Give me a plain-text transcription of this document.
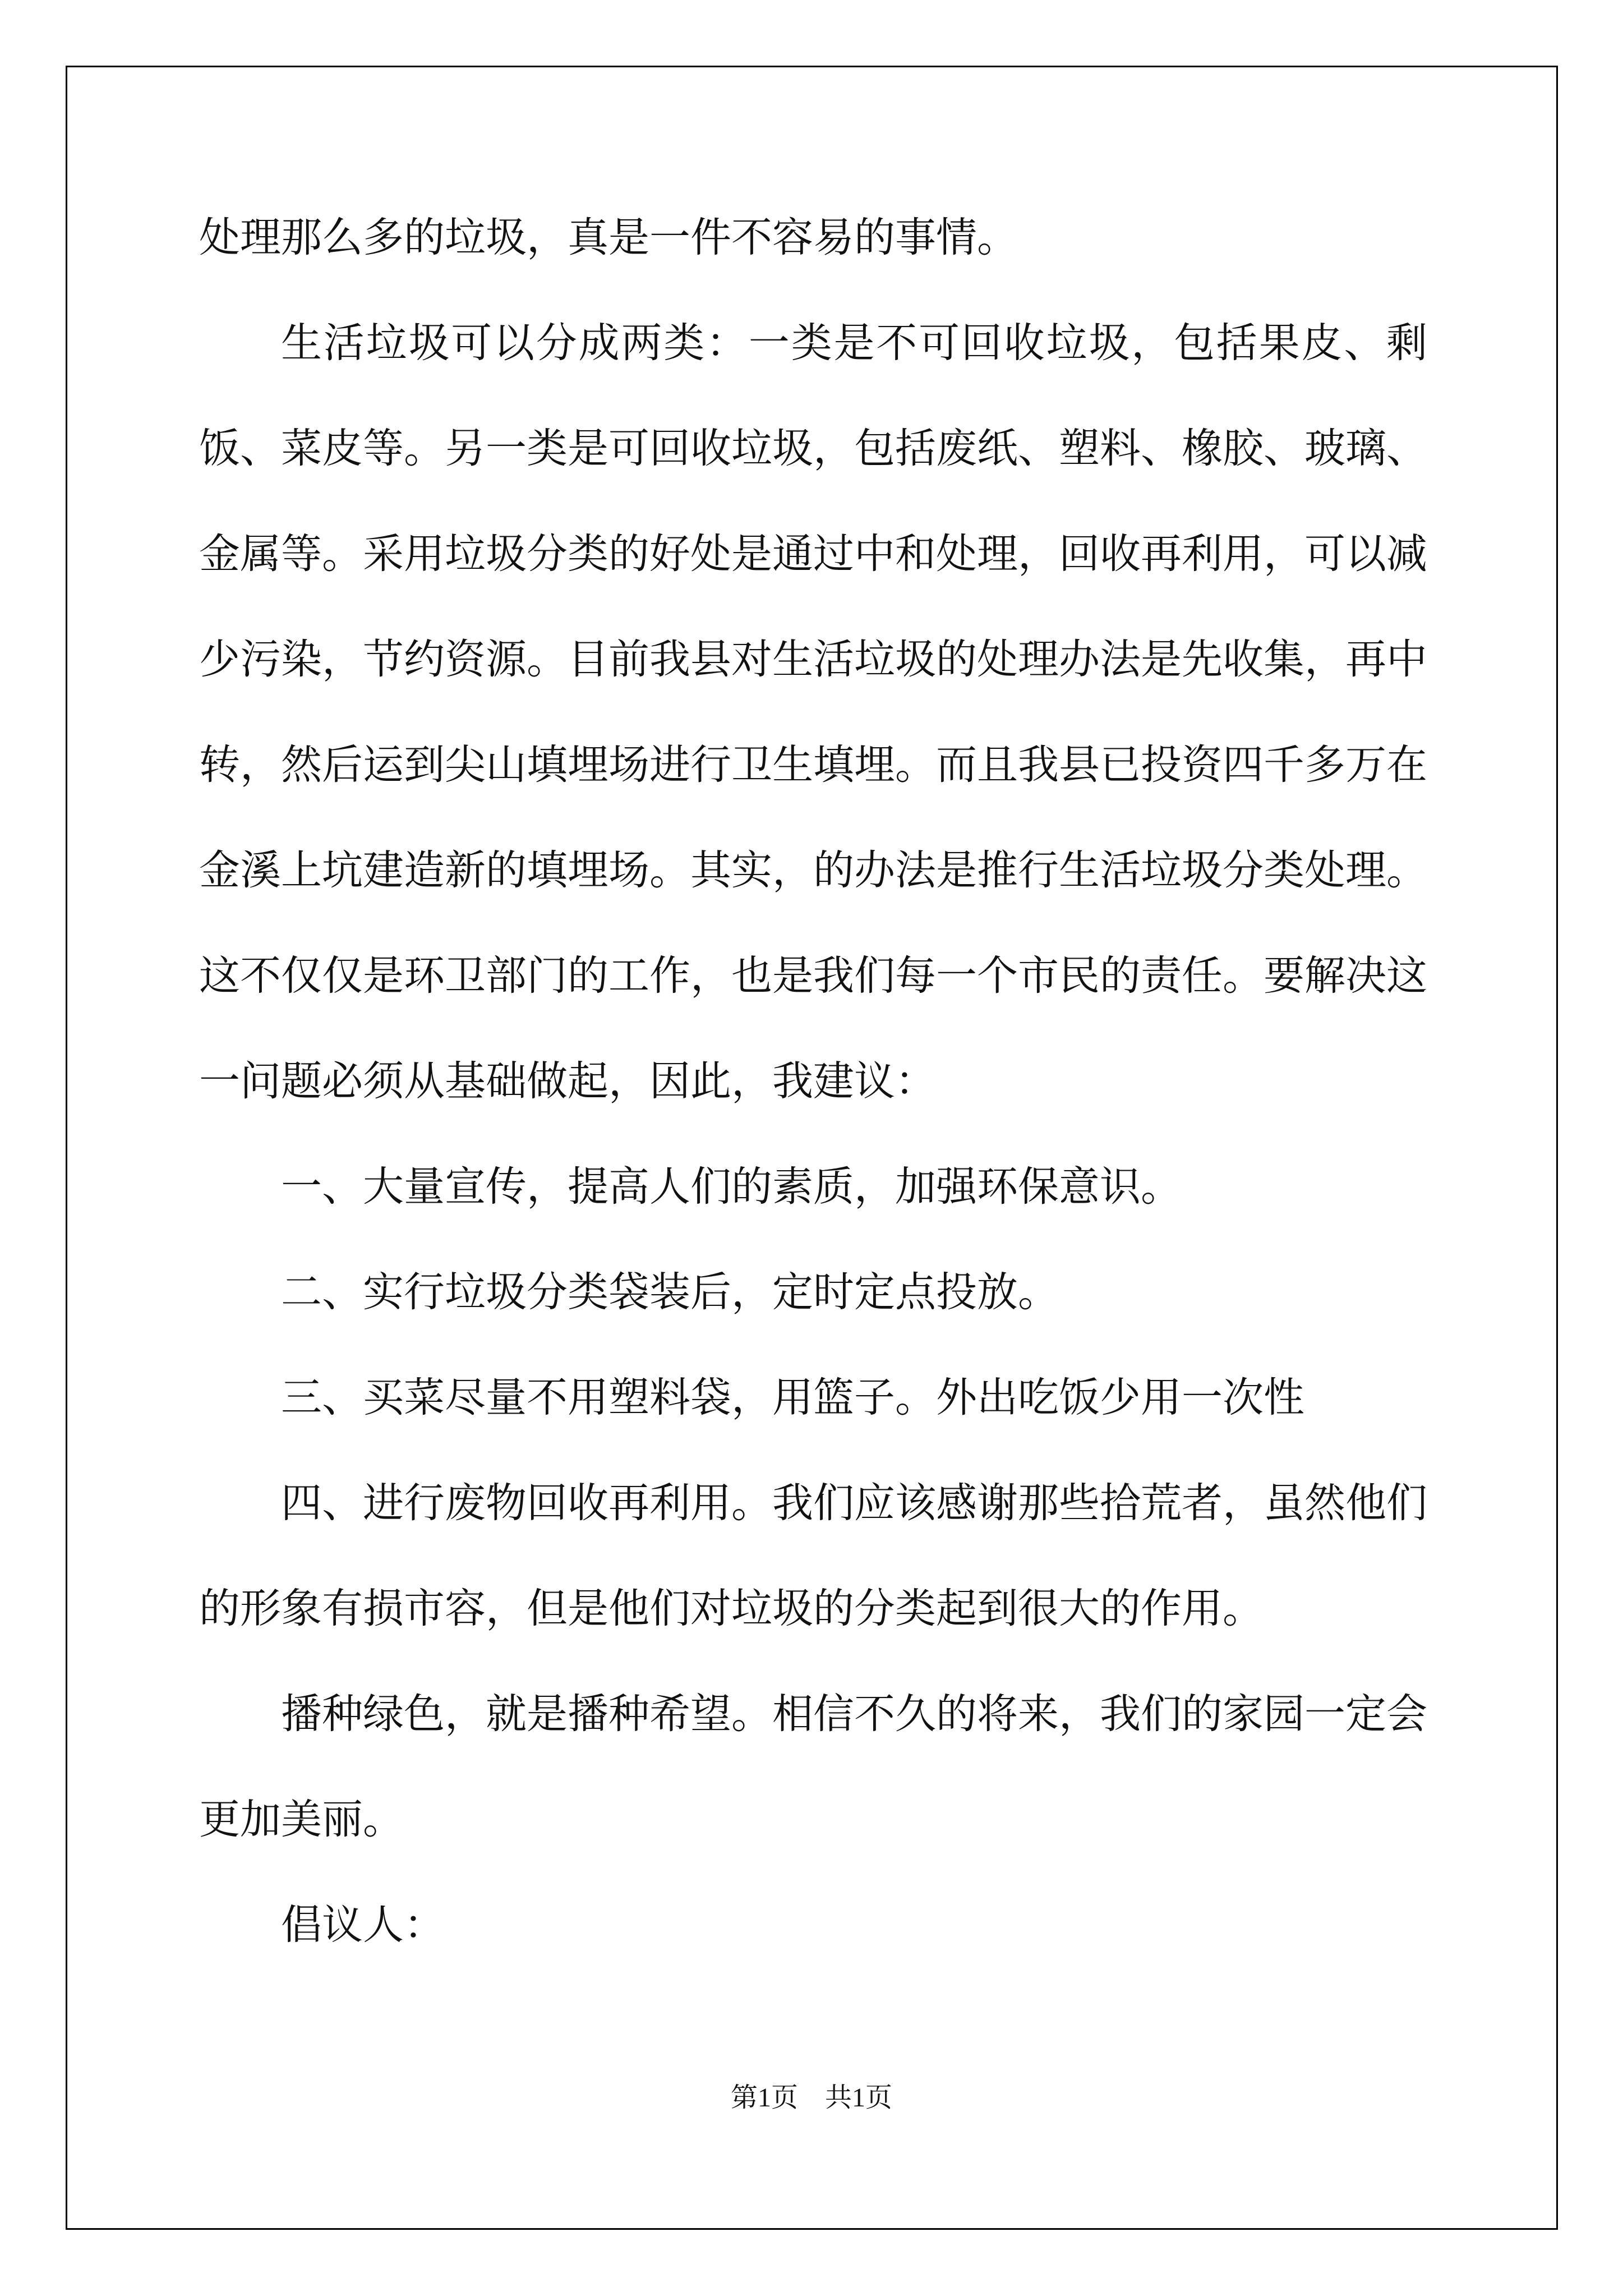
处理那么多的垃圾，真是一件不容易的事情。

生活垃圾可以分成两类：一类是不可回收垃圾，包括果皮、剩饭、菜皮等。另一类是可回收垃圾，包括废纸、塑料、橡胶、玻璃、金属等。采用垃圾分类的好处是通过中和处理，回收再利用，可以减少污染，节约资源。目前我县对生活垃圾的处理办法是先收集，再中转，然后运到尖山填埋场进行卫生填埋。而且我县已投资四千多万在金溪上坑建造新的填埋场。其实，的办法是推行生活垃圾分类处理。这不仅仅是环卫部门的工作，也是我们每一个市民的责任。要解决这一问题必须从基础做起，因此，我建议：

一、大量宣传，提高人们的素质，加强环保意识。

二、实行垃圾分类袋装后，定时定点投放。

三、买菜尽量不用塑料袋，用篮子。外出吃饭少用一次性

四、进行废物回收再利用。我们应该感谢那些拾荒者，虽然他们的形象有损市容，但是他们对垃圾的分类起到很大的作用。

播种绿色，就是播种希望。相信不久的将来，我们的家园一定会更加美丽。

倡议人：

第1页 共1页
